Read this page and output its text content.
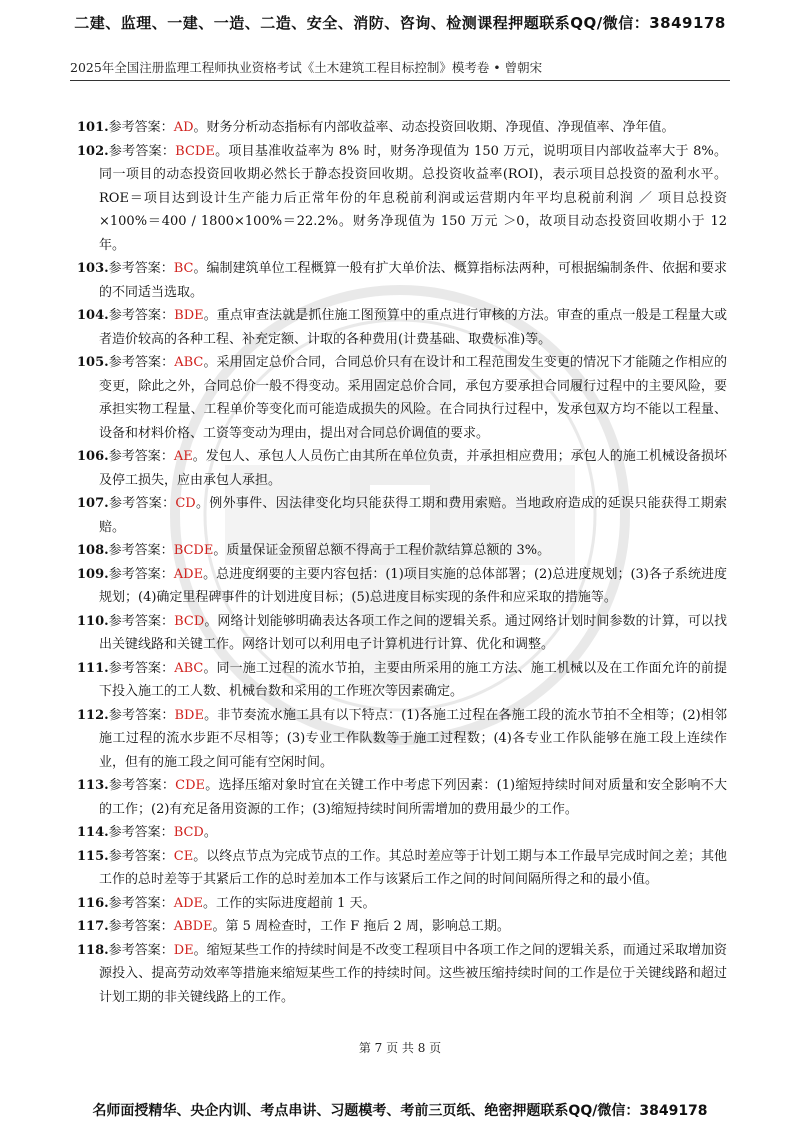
二建、监理、一建、一造、二造、安全、消防、咨询、检测课程押题联系QQ/微信：3849178
2025年全国注册监理工程师执业资格考试《土木建筑工程目标控制》模考卷 • 曾朝宋

101.参考答案：AD。财务分析动态指标有内部收益率、动态投资回收期、净现值、净现值率、净年值。

102.参考答案：BCDE。项目基准收益率为 8% 时，财务净现值为 150 万元，说明项目内部收益率大于 8%。同一项目的动态投资回收期必然长于静态投资回收期。总投资收益率(ROI)，表示项目总投资的盈利水平。ROE＝项目达到设计生产能力后正常年份的年息税前利润或运营期内年平均息税前利润 ／ 项目总投资×100%＝400 / 1800×100%＝22.2%。财务净现值为 150 万元 ＞0，故项目动态投资回收期小于 12 年。

103.参考答案：BC。编制建筑单位工程概算一般有扩大单价法、概算指标法两种，可根据编制条件、依据和要求的不同适当选取。

104.参考答案：BDE。重点审查法就是抓住施工图预算中的重点进行审核的方法。审查的重点一般是工程量大或者造价较高的各种工程、补充定额、计取的各种费用(计费基础、取费标准)等。

105.参考答案：ABC。采用固定总价合同，合同总价只有在设计和工程范围发生变更的情况下才能随之作相应的变更，除此之外，合同总价一般不得变动。采用固定总价合同，承包方要承担合同履行过程中的主要风险，要承担实物工程量、工程单价等变化而可能造成损失的风险。在合同执行过程中，发承包双方均不能以工程量、设备和材料价格、工资等变动为理由，提出对合同总价调值的要求。

106.参考答案：AE。发包人、承包人人员伤亡由其所在单位负责，并承担相应费用；承包人的施工机械设备损坏及停工损失，应由承包人承担。

107.参考答案：CD。例外事件、因法律变化均只能获得工期和费用索赔。当地政府造成的延误只能获得工期索赔。

108.参考答案：BCDE。质量保证金预留总额不得高于工程价款结算总额的 3%。

109.参考答案：ADE。总进度纲要的主要内容包括：(1)项目实施的总体部署；(2)总进度规划；(3)各子系统进度规划；(4)确定里程碑事件的计划进度目标；(5)总进度目标实现的条件和应采取的措施等。

110.参考答案：BCD。网络计划能够明确表达各项工作之间的逻辑关系。通过网络计划时间参数的计算，可以找出关键线路和关键工作。网络计划可以利用电子计算机进行计算、优化和调整。

111.参考答案：ABC。同一施工过程的流水节拍，主要由所采用的施工方法、施工机械以及在工作面允许的前提下投入施工的工人数、机械台数和采用的工作班次等因素确定。

112.参考答案：BDE。非节奏流水施工具有以下特点：(1)各施工过程在各施工段的流水节拍不全相等；(2)相邻施工过程的流水步距不尽相等；(3)专业工作队数等于施工过程数；(4)各专业工作队能够在施工段上连续作业，但有的施工段之间可能有空闲时间。

113.参考答案：CDE。选择压缩对象时宜在关键工作中考虑下列因素：(1)缩短持续时间对质量和安全影响不大的工作；(2)有充足备用资源的工作；(3)缩短持续时间所需增加的费用最少的工作。

114.参考答案：BCD。

115.参考答案：CE。以终点节点为完成节点的工作。其总时差应等于计划工期与本工作最早完成时间之差；其他工作的总时差等于其紧后工作的总时差加本工作与该紧后工作之间的时间间隔所得之和的最小值。

116.参考答案：ADE。工作的实际进度超前 1 天。

117.参考答案：ABDE。第 5 周检查时，工作 F 拖后 2 周，影响总工期。

118.参考答案：DE。缩短某些工作的持续时间是不改变工程项目中各项工作之间的逻辑关系，而通过采取增加资源投入、提高劳动效率等措施来缩短某些工作的持续时间。这些被压缩持续时间的工作是位于关键线路和超过计划工期的非关键线路上的工作。

第 7 页 共 8 页
名师面授精华、央企内训、考点串讲、习题模考、考前三页纸、绝密押题联系QQ/微信：3849178
